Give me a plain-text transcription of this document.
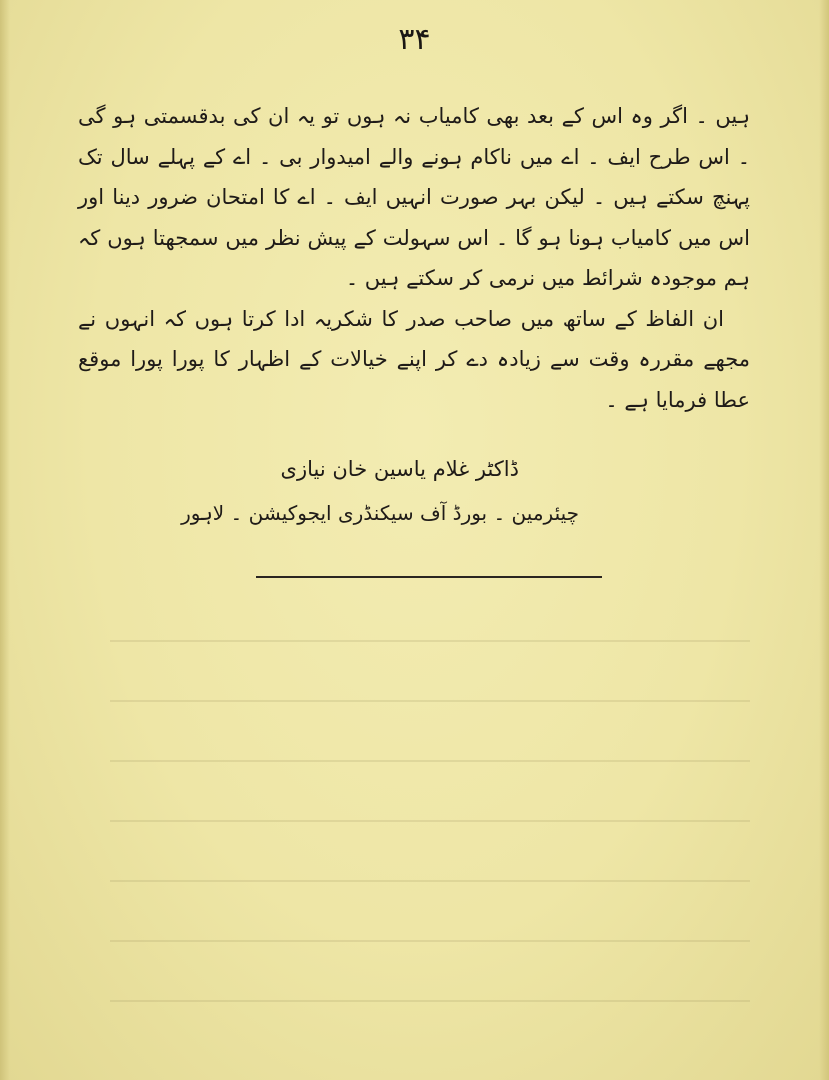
۳۴

ہیں ۔ اگر وہ اس کے بعد بھی کامیاب نہ ہوں تو یہ ان کی بدقسمتی ہو گی ۔ اس طرح ایف ۔ اے میں ناکام ہونے والے امیدوار بی ۔ اے کے پہلے سال تک پہنچ سکتے ہیں ۔ لیکن بہر صورت انہیں ایف ۔ اے کا امتحان ضرور دینا اور اس میں کامیاب ہونا ہو گا ۔ اس سہولت کے پیش نظر میں سمجھتا ہوں کہ ہم موجودہ شرائط میں نرمی کر سکتے ہیں ۔

ان الفاظ کے ساتھ میں صاحب صدر کا شکریہ ادا کرتا ہوں کہ انہوں نے مجھے مقررہ وقت سے زیادہ دے کر اپنے خیالات کے اظہار کا پورا پورا موقع عطا فرمایا ہے ۔

ڈاکٹر غلام یاسین خان نیازی

چیئرمین ۔ بورڈ آف سیکنڈری ایجوکیشن ۔ لاہور
